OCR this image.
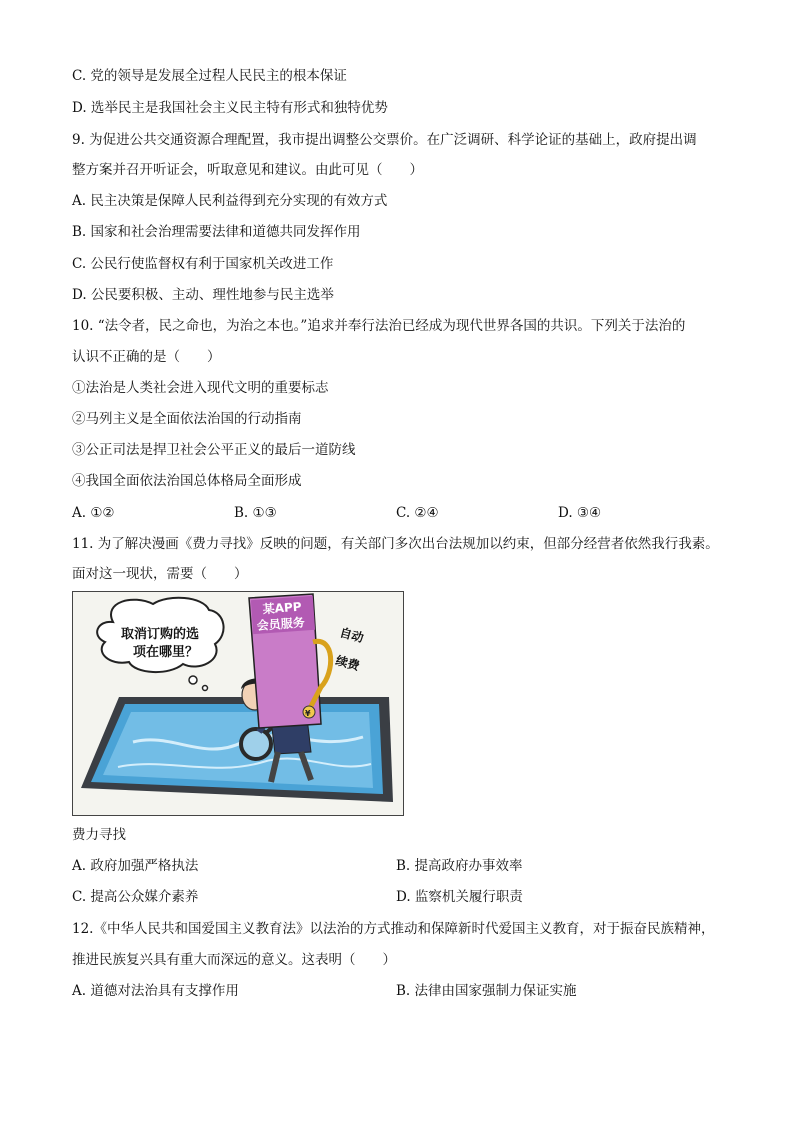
C. 党的领导是发展全过程人民民主的根本保证
D. 选举民主是我国社会主义民主特有形式和独特优势
9. 为促进公共交通资源合理配置，我市提出调整公交票价。在广泛调研、科学论证的基础上，政府提出调
整方案并召开听证会，听取意见和建议。由此可见（　　）
A. 民主决策是保障人民利益得到充分实现的有效方式
B. 国家和社会治理需要法律和道德共同发挥作用
C. 公民行使监督权有利于国家机关改进工作
D. 公民要积极、主动、理性地参与民主选举
10. “法令者，民之命也，为治之本也。”追求并奉行法治已经成为现代世界各国的共识。下列关于法治的
认识不正确的是（　　）
①法治是人类社会进入现代文明的重要标志
②马列主义是全面依法治国的行动指南
③公正司法是捍卫社会公平正义的最后一道防线
④我国全面依法治国总体格局全面形成
A. ①②	B. ①③	C. ②④	D. ③④
11. 为了解决漫画《费力寻找》反映的问题，有关部门多次出台法规加以约束，但部分经营者依然我行我素。
面对这一现状，需要（　　）
取消订购的选
项在哪里？
某APP
会员服务
自动
续费
¥
费力寻找
A. 政府加强严格执法	B. 提高政府办事效率
C. 提高公众媒介素养	D. 监察机关履行职责
12.《中华人民共和国爱国主义教育法》以法治的方式推动和保障新时代爱国主义教育，对于振奋民族精神，
推进民族复兴具有重大而深远的意义。这表明（　　）
A. 道德对法治具有支撑作用	B. 法律由国家强制力保证实施
